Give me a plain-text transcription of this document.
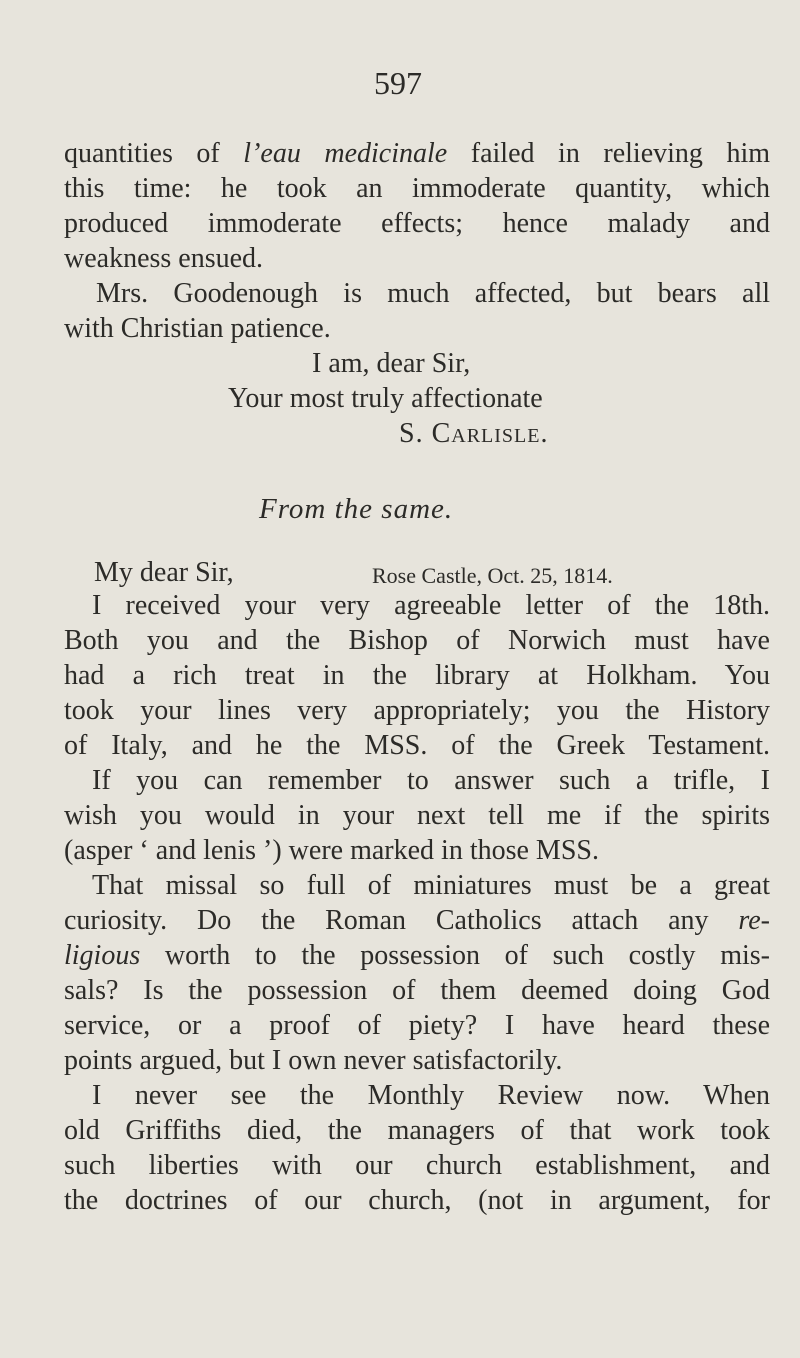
597
quantities of l’eau medicinale failed in relieving him
this time: he took an immoderate quantity, which
produced immoderate effects; hence malady and
weakness ensued.
Mrs. Goodenough is much affected, but bears all
with Christian patience.
I am, dear Sir,
Your most truly affectionate
S. Carlisle.
From the same.
My dear Sir,	Rose Castle, Oct. 25, 1814.
I received your very agreeable letter of the 18th.
Both you and the Bishop of Norwich must have
had a rich treat in the library at Holkham. You
took your lines very appropriately; you the History
of Italy, and he the MSS. of the Greek Testament.
If you can remember to answer such a trifle, I
wish you would in your next tell me if the spirits
(asper ‘ and lenis ’) were marked in those MSS.
That missal so full of miniatures must be a great
curiosity. Do the Roman Catholics attach any re-
ligious worth to the possession of such costly mis-
sals? Is the possession of them deemed doing God
service, or a proof of piety? I have heard these
points argued, but I own never satisfactorily.
I never see the Monthly Review now. When
old Griffiths died, the managers of that work took
such liberties with our church establishment, and
the doctrines of our church, (not in argument, for
